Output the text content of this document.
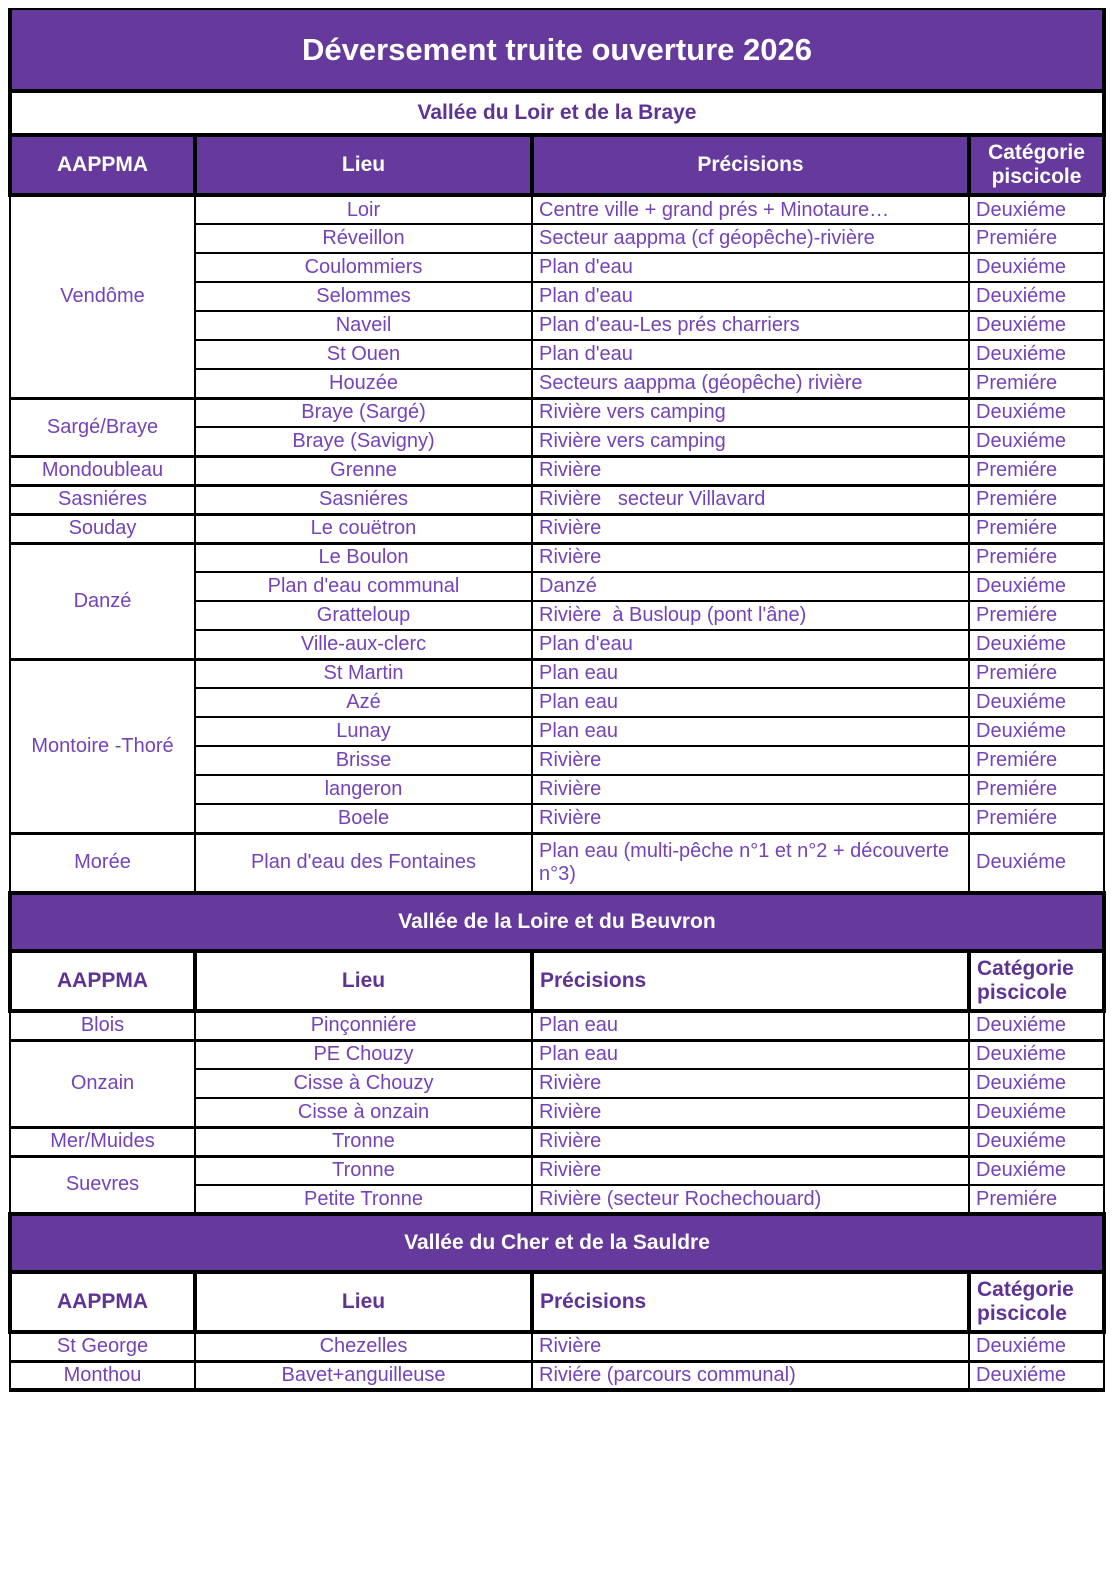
Déversement truite ouverture 2026			
Vallée du Loir et de la Braye			
AAPPMA	Lieu	Précisions	Catégorie piscicole
Vendôme	Loir	Centre ville + grand prés + Minotaure…	Deuxiéme
	Réveillon	Secteur aappma (cf géopêche)-rivière	Premiére
	Coulommiers	Plan d'eau	Deuxiéme
	Selommes	Plan d'eau	Deuxiéme
	Naveil	Plan d'eau-Les prés charriers	Deuxiéme
	St Ouen	Plan d'eau	Deuxiéme
	Houzée	Secteurs aappma (géopêche) rivière	Premiére
Sargé/Braye	Braye (Sargé)	Rivière vers camping	Deuxiéme
	Braye (Savigny)	Rivière vers camping	Deuxiéme
Mondoubleau	Grenne	Rivière	Premiére
Sasniéres	Sasniéres	Rivière   secteur Villavard	Premiére
Souday	Le couëtron	Rivière	Premiére
Danzé	Le Boulon	Rivière	Premiére
	Plan d'eau communal	Danzé	Deuxiéme
	Gratteloup	Rivière  à Busloup (pont l'âne)	Premiére
	Ville-aux-clerc	Plan d'eau	Deuxiéme
Montoire -Thoré	St Martin	Plan eau	Premiére
	Azé	Plan eau	Deuxiéme
	Lunay	Plan eau	Deuxiéme
	Brisse	Rivière	Premiére
	langeron	Rivière	Premiére
	Boele	Rivière	Premiére
Morée	Plan d'eau des Fontaines	Plan eau (multi-pêche n°1 et n°2 + découverte n°3)	Deuxiéme
Vallée de la Loire et du Beuvron			
AAPPMA	Lieu	Précisions	Catégorie piscicole
Blois	Pinçonniére	Plan eau	Deuxiéme
Onzain	PE Chouzy	Plan eau	Deuxiéme
	Cisse à Chouzy	Rivière	Deuxiéme
	Cisse à onzain	Rivière	Deuxiéme
Mer/Muides	Tronne	Rivière	Deuxiéme
Suevres	Tronne	Rivière	Deuxiéme
	Petite Tronne	Rivière (secteur Rochechouard)	Premiére
Vallée du Cher et de la Sauldre			
AAPPMA	Lieu	Précisions	Catégorie piscicole
St George	Chezelles	Rivière	Deuxiéme
Monthou	Bavet+anguilleuse	Riviére (parcours communal)	Deuxiéme
